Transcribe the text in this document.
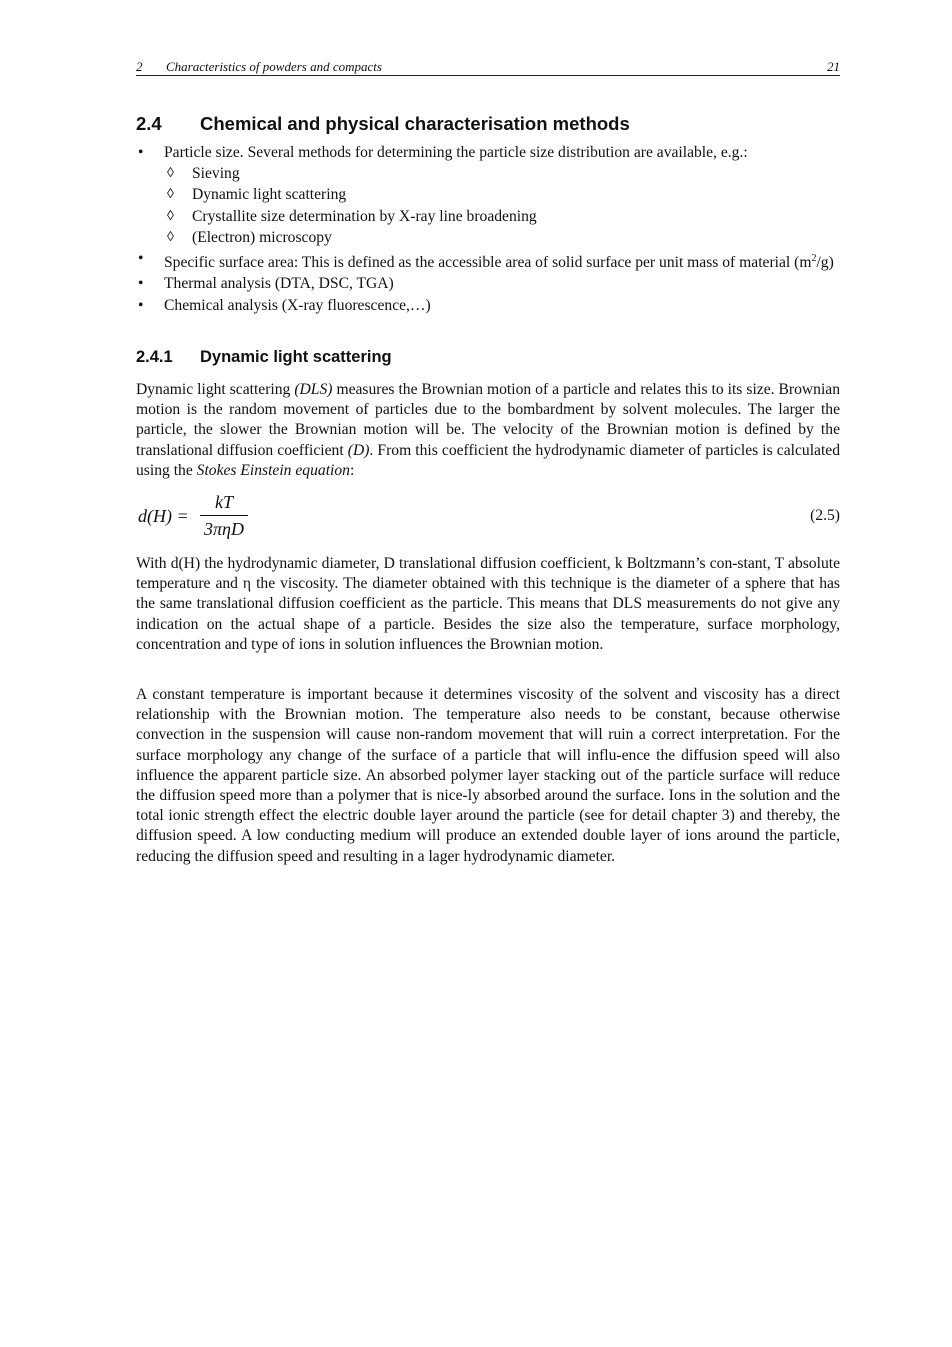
2 Characteristics of powders and compacts	21
2.4 Chemical and physical characterisation methods
• Particle size. Several methods for determining the particle size distribution are available, e.g.:
◊ Sieving
◊ Dynamic light scattering
◊ Crystallite size determination by X-ray line broadening
◊ (Electron) microscopy
• Specific surface area: This is defined as the accessible area of solid surface per unit mass of material $(m^2/g)$
• Thermal analysis (DTA, DSC, TGA)
• Chemical analysis (X-ray fluorescence,…)
2.4.1 Dynamic light scattering

Dynamic light scattering (DLS) measures the Brownian motion of a particle and relates this to its size. Brownian motion is the random movement of particles due to the bombardment by solvent molecules. The larger the particle, the slower the Brownian motion will be. The velocity of the Brownian motion is defined by the translational diffusion coefficient (D). From this coefficient the hydrodynamic diameter of particles is calculated using the Stokes Einstein equation:

d(H) =
kT
3πηD
(2.5)

With d(H) the hydrodynamic diameter, D translational diffusion coefficient, k Boltzmann’s con-stant, T absolute temperature and η the viscosity. The diameter obtained with this technique is the diameter of a sphere that has the same translational diffusion coefficient as the particle. This means that DLS measurements do not give any indication on the actual shape of a particle. Besides the size also the temperature, surface morphology, concentration and type of ions in solution influences the Brownian motion.

A constant temperature is important because it determines viscosity of the solvent and viscosity has a direct relationship with the Brownian motion. The temperature also needs to be constant, because otherwise convection in the suspension will cause non-random movement that will ruin a correct interpretation. For the surface morphology any change of the surface of a particle that will influ-ence the diffusion speed will also influence the apparent particle size. An absorbed polymer layer stacking out of the particle surface will reduce the diffusion speed more than a polymer that is nice-ly absorbed around the surface. Ions in the solution and the total ionic strength effect the electric double layer around the particle (see for detail chapter 3) and thereby, the diffusion speed. A low conducting medium will produce an extended double layer of ions around the particle, reducing the diffusion speed and resulting in a lager hydrodynamic diameter.
